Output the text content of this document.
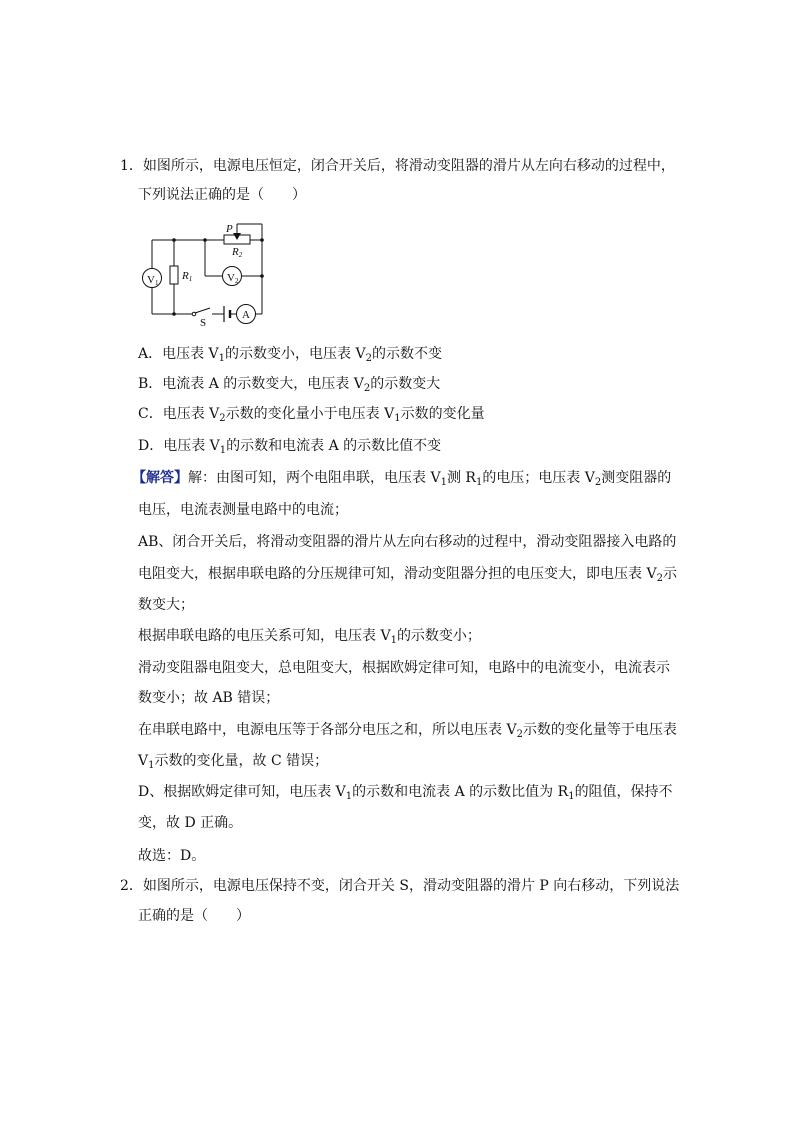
1．如图所示，电源电压恒定，闭合开关后，将滑动变阻器的滑片从左向右移动的过程中，
下列说法正确的是（　　）
V1	V2
A
R1
R2
P
S
A．电压表 $V_1$的示数变小，电压表 $V_2$的示数不变
B．电流表 A 的示数变大，电压表 $V_2$的示数变大
C．电压表 $V_2$示数的变化量小于电压表 $V_1$示数的变化量
D．电压表 $V_1$的示数和电流表 A 的示数比值不变
【解答】解：由图可知，两个电阻串联，电压表 $V_1$测 $R_1$的电压；电压表 $V_2$测变阻器的
电压，电流表测量电路中的电流；
AB、闭合开关后，将滑动变阻器的滑片从左向右移动的过程中，滑动变阻器接入电路的
电阻变大，根据串联电路的分压规律可知，滑动变阻器分担的电压变大，即电压表 $V_2$示
数变大；
根据串联电路的电压关系可知，电压表 $V_1$的示数变小；
滑动变阻器电阻变大，总电阻变大，根据欧姆定律可知，电路中的电流变小，电流表示
数变小；故 AB 错误；
在串联电路中，电源电压等于各部分电压之和，所以电压表 $V_2$示数的变化量等于电压表
$V_1$示数的变化量，故 C 错误；
D、根据欧姆定律可知，电压表 $V_1$的示数和电流表 A 的示数比值为 $R_1$的阻值，保持不
变，故 D 正确。
故选：D。
2．如图所示，电源电压保持不变，闭合开关 S，滑动变阻器的滑片 P 向右移动，下列说法
正确的是（　　）
